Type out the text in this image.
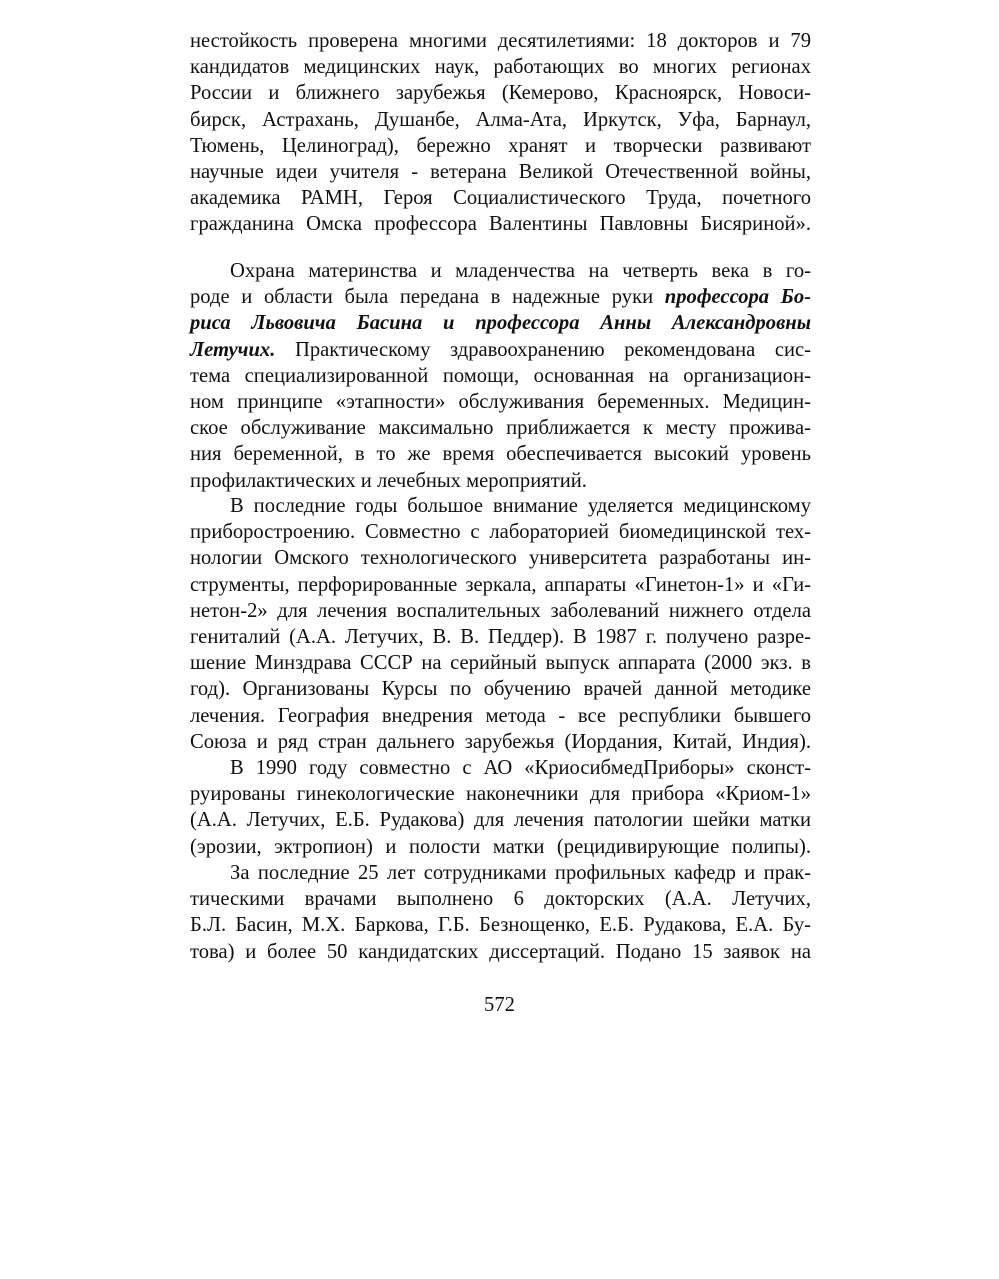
нестойкость проверена многими десятилетиями: 18 докторов и 79
кандидатов медицинских наук, работающих во многих регионах
России и ближнего зарубежья (Кемерово, Красноярск, Новоси-
бирск, Астрахань, Душанбе, Алма-Ата, Иркутск, Уфа, Барнаул,
Тюмень, Целиноград), бережно хранят и творчески развивают
научные идеи учителя - ветерана Великой Отечественной войны,
академика РАМН, Героя Социалистического Труда, почетного
гражданина Омска профессора Валентины Павловны Бисяриной».
Охрана материнства и младенчества на четверть века в го-
роде и области была передана в надежные руки профессора Бо-
риса Львовича Басина и профессора Анны Александровны
Летучих. Практическому здравоохранению рекомендована сис-
тема специализированной помощи, основанная на организацион-
ном принципе «этапности» обслуживания беременных. Медицин-
ское обслуживание максимально приближается к месту прожива-
ния беременной, в то же время обеспечивается высокий уровень
профилактических и лечебных мероприятий.
В последние годы большое внимание уделяется медицинскому
приборостроению. Совместно с лабораторией биомедицинской тех-
нологии Омского технологического университета разработаны ин-
струменты, перфорированные зеркала, аппараты «Гинетон-1» и «Ги-
нетон-2» для лечения воспалительных заболеваний нижнего отдела
гениталий (А.А. Летучих, В. В. Педдер). В 1987 г. получено разре-
шение Минздрава СССР на серийный выпуск аппарата (2000 экз. в
год). Организованы Курсы по обучению врачей данной методике
лечения. География внедрения метода - все республики бывшего
Союза и ряд стран дальнего зарубежья (Иордания, Китай, Индия).
В 1990 году совместно с АО «КриосибмедПриборы» сконст-
руированы гинекологические наконечники для прибора «Криом-1»
(А.А. Летучих, Е.Б. Рудакова) для лечения патологии шейки матки
(эрозии, эктропион) и полости матки (рецидивирующие полипы).
За последние 25 лет сотрудниками профильных кафедр и прак-
тическими врачами выполнено 6 докторских (А.А. Летучих,
Б.Л. Басин, М.Х. Баркова, Г.Б. Безнощенко, Е.Б. Рудакова, Е.А. Бу-
това) и более 50 кандидатских диссертаций. Подано 15 заявок на
572
